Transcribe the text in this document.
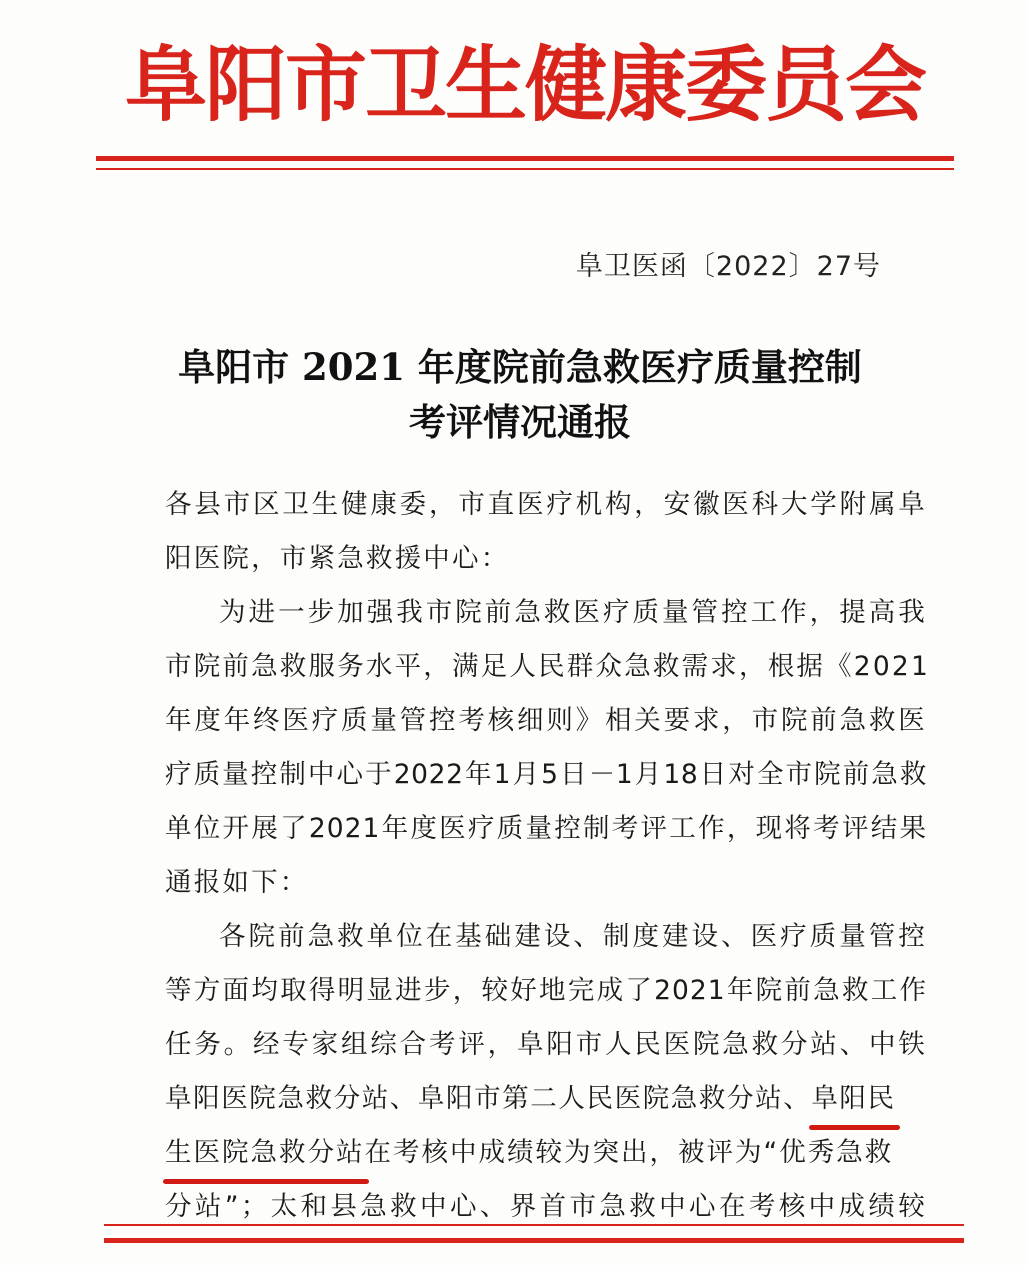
阜阳市卫生健康委员会
阜卫医函〔2022〕27号
阜阳市 2021 年度院前急救医疗质量控制
考评情况通报
各县市区卫生健康委，市直医疗机构，安徽医科大学附属阜
阳医院，市紧急救援中心：
为进一步加强我市院前急救医疗质量管控工作，提高我
市院前急救服务水平，满足人民群众急救需求，根据《2021
年度年终医疗质量管控考核细则》相关要求，市院前急救医
疗质量控制中心于2022年1月5日－1月18日对全市院前急救
单位开展了2021年度医疗质量控制考评工作，现将考评结果
通报如下：
各院前急救单位在基础建设、制度建设、医疗质量管控
等方面均取得明显进步，较好地完成了2021年院前急救工作
任务。经专家组综合考评，阜阳市人民医院急救分站、中铁
阜阳医院急救分站、阜阳市第二人民医院急救分站、阜阳民
生医院急救分站在考核中成绩较为突出，被评为“优秀急救
分站”；太和县急救中心、界首市急救中心在考核中成绩较
